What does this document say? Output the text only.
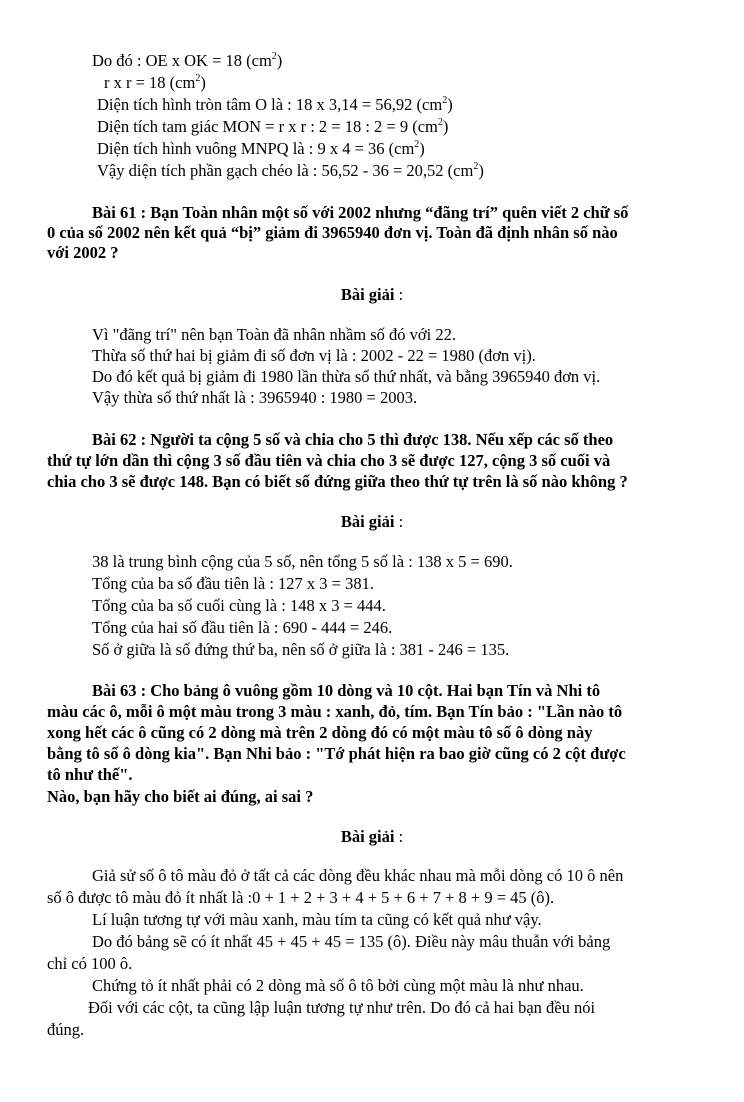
Do đó : OE x OK = 18 $(cm^2)$
r x r = 18 $(cm^2)$
Diện tích hình tròn tâm O là : 18 x 3,14 = 56,92 $(cm^2)$
Diện tích tam giác MON = r x r : 2 = 18 : 2 = 9 $(cm^2)$
Diện tích hình vuông MNPQ là : 9 x 4 = 36 $(cm^2)$
Vậy diện tích phần gạch chéo là : 56,52 - 36 = 20,52 $(cm^2)$
Bài 61 : Bạn Toàn nhân một số với 2002 nhưng “đãng trí” quên viết 2 chữ số
0 của số 2002 nên kết quả “bị” giảm đi 3965940 đơn vị. Toàn đã định nhân số nào
với 2002 ?
Bài giải :
Vì "đãng trí" nên bạn Toàn đã nhân nhầm số đó với 22.
Thừa số thứ hai bị giảm đi số đơn vị là : 2002 - 22 = 1980 (đơn vị).
Do đó kết quả bị giảm đi 1980 lần thừa số thứ nhất, và bằng 3965940 đơn vị.
Vậy thừa số thứ nhất là : 3965940 : 1980 = 2003.
Bài 62 : Người ta cộng 5 số và chia cho 5 thì được 138. Nếu xếp các số theo
thứ tự lớn dần thì cộng 3 số đầu tiên và chia cho 3 sẽ được 127, cộng 3 số cuối và
chia cho 3 sẽ được 148. Bạn có biết số đứng giữa theo thứ tự trên là số nào không ?
Bài giải :
38 là trung bình cộng của 5 số, nên tổng 5 số là : 138 x 5 = 690.
Tổng của ba số đầu tiên là : 127 x 3 = 381.
Tổng của ba số cuối cùng là : 148 x 3 = 444.
Tổng của hai số đầu tiên là : 690 - 444 = 246.
Số ở giữa là số đứng thứ ba, nên số ở giữa là : 381 - 246 = 135.
Bài 63 : Cho bảng ô vuông gồm 10 dòng và 10 cột. Hai bạn Tín và Nhi tô
màu các ô, mỗi ô một màu trong 3 màu : xanh, đỏ, tím. Bạn Tín bảo : "Lần nào tô
xong hết các ô cũng có 2 dòng mà trên 2 dòng đó có một màu tô số ô dòng này
bằng tô số ô dòng kia". Bạn Nhi bảo : "Tớ phát hiện ra bao giờ cũng có 2 cột được
tô như thế".
Nào, bạn hãy cho biết ai đúng, ai sai ?
Bài giải :
Giả sử số ô tô màu đỏ ở tất cả các dòng đều khác nhau mà mỗi dòng có 10 ô nên
số ô được tô màu đỏ ít nhất là :0 + 1 + 2 + 3 + 4 + 5 + 6 + 7 + 8 + 9 = 45 (ô).
Lí luận tương tự với màu xanh, màu tím ta cũng có kết quả như vậy.
Do đó bảng sẽ có ít nhất 45 + 45 + 45 = 135 (ô). Điều này mâu thuẫn với bảng
chỉ có 100 ô.
Chứng tỏ ít nhất phải có 2 dòng mà số ô tô bởi cùng một màu là như nhau.
Đối với các cột, ta cũng lập luận tương tự như trên. Do đó cả hai bạn đều nói
đúng.
